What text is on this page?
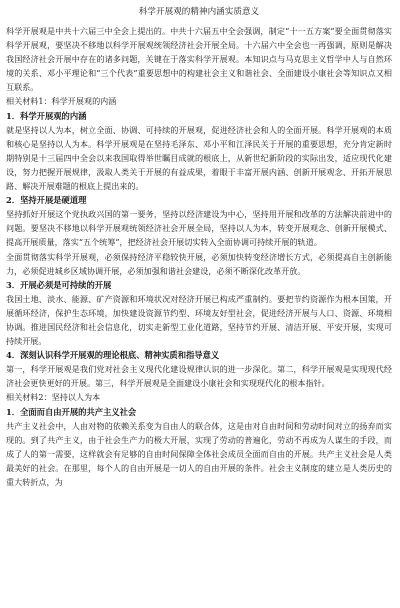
科学开展观的精神内涵实质意义

科学开展观是中共十六届三中全会上提出的。中共十六届五中全会强调，制定“十一五方案”要全面贯彻落实科学开展观，要坚决不移地以科学开展观统领经济社会开展全局。十六届六中全会也一再强调，原则是解决我国经济社会开展中存在的诸多问题，关键在于落实科学开展观。本知识点与马克思主义哲学中人与自然环境的关系、邓小平理论和“三个代表”重要思想中的构建社会主义和谐社会、全面建设小康社会等知识点又相互联系。

相关材料1：科学开展观的内涵

1．科学开展观的内涵

就是坚持以人为本，树立全面、协调、可持续的开展观，促进经济社会和人的全面开展。科学开展观的本质和核心是坚持以人为本。科学开展观是在坚持毛泽东、邓小平和江泽民关于开展的重要思想，充分肯定新时期特别是十三届四中全会以来我国取得举世瞩目成就的根底上，从新世纪新阶段的实际出发，适应现代化建设，努力把握开展规律，汲取人类关于开展的有益成果，着眼于丰富开展内涵、创新开展观念、开拓开展思路、解决开展难题的根底上提出来的。

2．坚持开展是硬道理

坚持抓好开展这个党执政兴国的第一要务，坚持以经济建设为中心，坚持用开展和改革的方法解决前进中的问题。要坚决不移地以科学开展观统领经济社会开展全局，坚持以人为本，转变开展观念、创新开展模式、提高开展质量，落实“五个统筹”，把经济社会开展切实转入全面协调可持续开展的轨道。

全面贯彻落实科学开展观，必须保持经济平稳较快开展，必须加快转变经济增长方式，必须提高自主创新能力，必须促进城乡区域协调开展，必须加强和谐社会建设，必须不断深化改革开放。

3．开展必须是可持续的开展

我国土地、淡水、能源、矿产资源和环境状况对经济开展已构成严重制约。要把节约资源作为根本国策，开展循环经济，保护生态环境，加快建设资源节约型、环境友好型社会，促进经济开展与人口、资源、环境相协调。推进国民经济和社会信息化，切实走新型工业化道路，坚持节约开展、清洁开展、平安开展，实现可持续开展。

4．深刻认识科学开展观的理论根底、精神实质和指导意义

第一，科学开展观是我们党对社会主义现代化建设规律认识的进一步深化。第二，科学开展观是实现现代经济社会更快更好的开展。第三，科学开展观是全面建设小康社会和实现现代化的根本指针。

相关材料2：坚持以人为本

1．全面而自由开展的共产主义社会

共产主义社会中，人由对物的依赖关系变为自由人的联合体，这是由对自由时间和劳动时间对立的扬弃而实现的。到了共产主义，由于社会生产力的极大开展，实现了劳动的普遍化，劳动不再成为人谋生的手段，而成了人的第一需要，这样就会有足够的自由时间保障全体社会成员全面而自由的开展。共产主义社会是人类最美好的社会。在那里，每个人的自由开展是一切人的自由开展的条件。社会主义制度的建立是人类历史的重大转折点，为
